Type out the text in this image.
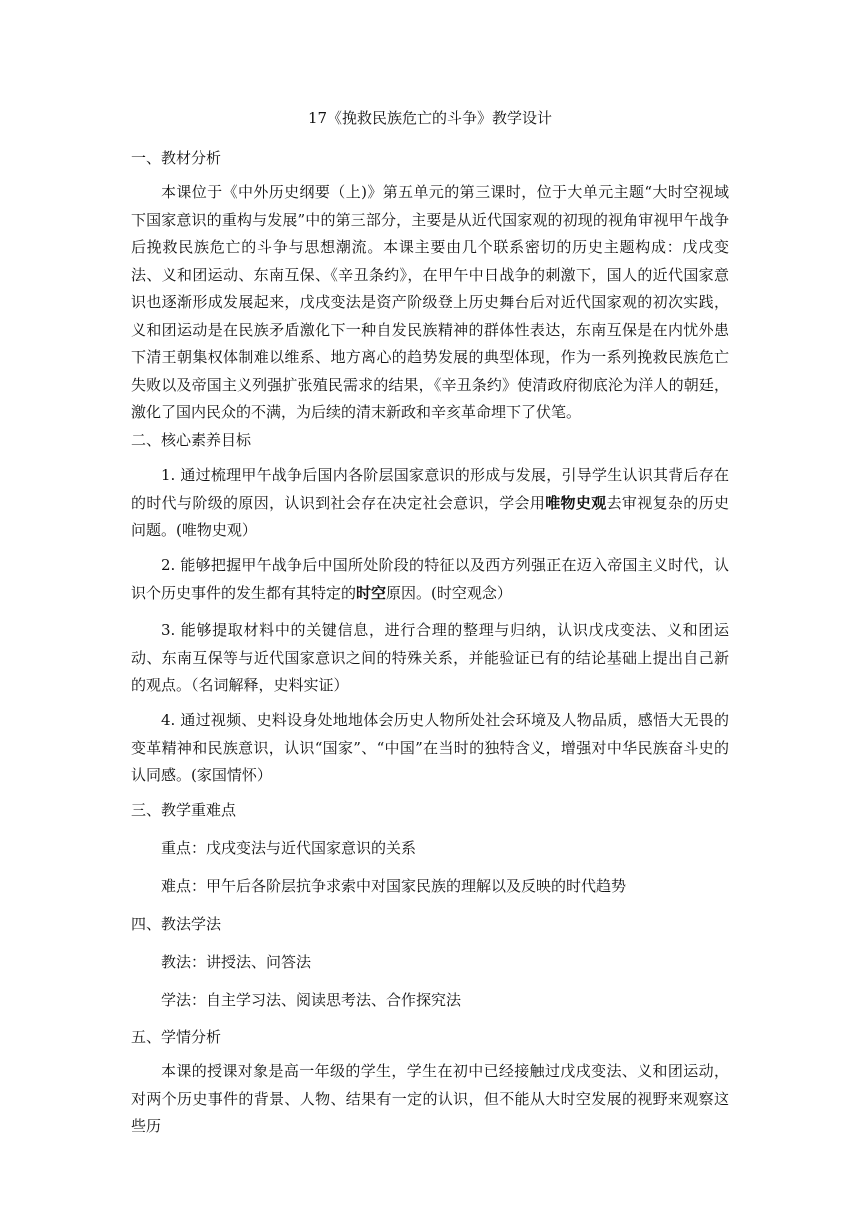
17《挽救民族危亡的斗争》教学设计
一、教材分析
本课位于《中外历史纲要（上)》第五单元的第三课时，位于大单元主题“大时空视域下国家意识的重构与发展”中的第三部分，主要是从近代国家观的初现的视角审视甲午战争后挽救民族危亡的斗争与思想潮流。本课主要由几个联系密切的历史主题构成：戊戌变法、义和团运动、东南互保、《辛丑条约》，在甲午中日战争的刺激下，国人的近代国家意识也逐渐形成发展起来，戊戌变法是资产阶级登上历史舞台后对近代国家观的初次实践，义和团运动是在民族矛盾激化下一种自发民族精神的群体性表达，东南互保是在内忧外患下清王朝集权体制难以维系、地方离心的趋势发展的典型体现，作为一系列挽救民族危亡失败以及帝国主义列强扩张殖民需求的结果，《辛丑条约》使清政府彻底沦为洋人的朝廷，激化了国内民众的不满，为后续的清末新政和辛亥革命埋下了伏笔。
二、核心素养目标
1. 通过梳理甲午战争后国内各阶层国家意识的形成与发展，引导学生认识其背后存在的时代与阶级的原因，认识到社会存在决定社会意识，学会用唯物史观去审视复杂的历史问题。(唯物史观）
2. 能够把握甲午战争后中国所处阶段的特征以及西方列强正在迈入帝国主义时代，认识个历史事件的发生都有其特定的时空原因。(时空观念）
3. 能够提取材料中的关键信息，进行合理的整理与归纳，认识戊戌变法、义和团运动、东南互保等与近代国家意识之间的特殊关系，并能验证已有的结论基础上提出自己新的观点。（名词解释，史料实证）
4. 通过视频、史料设身处地地体会历史人物所处社会环境及人物品质，感悟大无畏的变革精神和民族意识，认识“国家”、“中国”在当时的独特含义，增强对中华民族奋斗史的认同感。(家国情怀）
三、教学重难点
重点：戊戌变法与近代国家意识的关系
难点：甲午后各阶层抗争求索中对国家民族的理解以及反映的时代趋势
四、教法学法
教法：讲授法、问答法
学法：自主学习法、阅读思考法、合作探究法
五、学情分析
本课的授课对象是高一年级的学生，学生在初中已经接触过戊戌变法、义和团运动，对两个历史事件的背景、人物、结果有一定的认识，但不能从大时空发展的视野来观察这些历
